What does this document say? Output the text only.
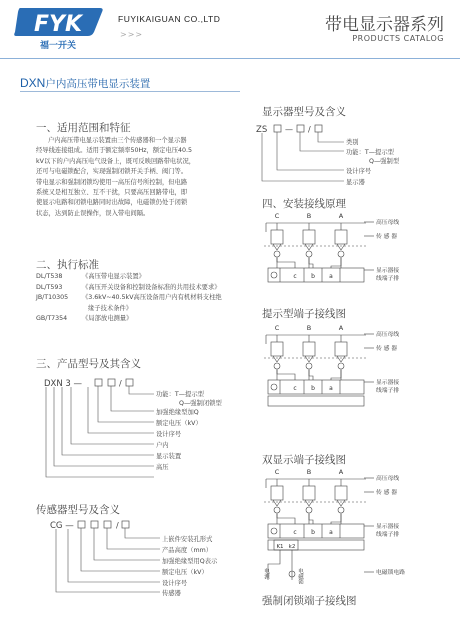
FYK
福一开关
FUYIKAIGUAN CO.,LTD
>>>	带电显示器系列
PRODUCTS CATALOG
DXN户内高压带电显示装置
一、适用范围和特征
户内高压带电显示装置由三个传感器和一个显示器
经导线连接组成。适用于额定频率50Hz，额定电压40.5
kV以下的户内高压电气设备上，既可反映回路带电状况，
还可与电磁锁配合，实现强制闭锁开关手柄、阀门等。
带电显示和强制闭锁均使用一高压信号所控制，但电路
系统又是相互独立、互不干扰，只要高压回路带电，即
使显示电路和闭锁电路同时出故障，电磁锁仍处于闭锁
状态，达到防止误操作，误入带电间隔。
二、执行标准
DL/T538	《高压带电显示装置》
DL/T593	《高压开关设备和控制设备标准的共用技术要求》
JB/T10305	《3.6kV~40.5kV高压设备用户内有机材料支柱绝
	缘子技术条件》
GB/T7354	《局部放电测量》
三、产品型号及其含义
DXN 3 —	/
功能：T—提示型
Q—强制闭锁型
加强绝缘型加Q
额定电压（kV）
设计序号
户内
显示装置
高压
传感器型号及含义
CG —	/
上嵌件安装孔形式
产品高度（mm）
加强绝缘型用Q表示
额定电压（kV）
设计序号
传感器
显示器型号及含义
ZS — /
类别
功能：T—提示型
Q—强制型
设计序号
显示器
四、安装接线原理
C	B	A
c b a
高压母线
传 感 器
显示器接
线端子排
提示型端子接线图
C	B	A
c b a
高压母线
传 感 器
显示器接
线端子排
双显示端子接线图
C	B	A
c b a
K1 k2
电源	电磁锁
高压母线
传 感 器
显示器接
线端子排
电磁锁电路
强制闭锁端子接线图
